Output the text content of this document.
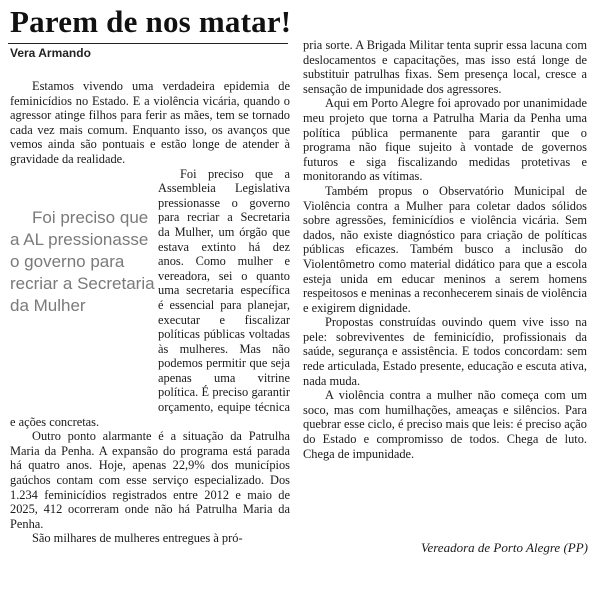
Parem de nos matar!
Vera Armando

Estamos vivendo uma verdadeira epidemia de feminicídios no Estado. E a violência vicária, quando o agressor atinge filhos para ferir as mães, tem se tornado cada vez mais comum. Enquanto isso, os avanços que vemos ainda são pontuais e estão longe de atender à gravidade da realidade.

Foi preciso que a AL pressionasse o governo para recriar a Secretaria da Mulher
Foi preciso que a Assembleia Legislativa pressionasse o governo para recriar a Secretaria da Mulher, um órgão que estava extinto há dez anos. Como mulher e vereadora, sei o quanto uma secretaria específica é essencial para planejar, executar e fiscalizar políticas públicas voltadas às mulheres. Mas não podemos permitir que seja apenas uma vitrine política. É preciso garantir orçamento, equipe técnica e ações concretas.

Outro ponto alarmante é a situação da Patrulha Maria da Penha. A expansão do programa está parada há quatro anos. Hoje, apenas 22,9% dos municípios gaúchos contam com esse serviço especializado. Dos 1.234 feminicídios registrados entre 2012 e maio de 2025, 412 ocorreram onde não há Patrulha Maria da Penha.

São milhares de mulheres entregues à pró-

pria sorte. A Brigada Militar tenta suprir essa lacuna com deslocamentos e capacitações, mas isso está longe de substituir patrulhas fixas. Sem presença local, cresce a sensação de impunidade dos agressores.

Aqui em Porto Alegre foi aprovado por unanimidade meu projeto que torna a Patrulha Maria da Penha uma política pública permanente para garantir que o programa não fique sujeito à vontade de governos futuros e siga fiscalizando medidas protetivas e monitorando as vítimas.

Também propus o Observatório Municipal de Violência contra a Mulher para coletar dados sólidos sobre agressões, feminicídios e violência vicária. Sem dados, não existe diagnóstico para criação de políticas públicas eficazes. Também busco a inclusão do Violentômetro como material didático para que a escola esteja unida em educar meninos a serem homens respeitosos e meninas a reconhecerem sinais de violência e exigirem dignidade.

Propostas construídas ouvindo quem vive isso na pele: sobreviventes de feminicídio, profissionais da saúde, segurança e assistência. E todos concordam: sem rede articulada, Estado presente, educação e escuta ativa, nada muda.

A violência contra a mulher não começa com um soco, mas com humilhações, ameaças e silêncios. Para quebrar esse ciclo, é preciso mais que leis: é preciso ação do Estado e compromisso de todos. Chega de luto. Chega de impunidade.

Vereadora de Porto Alegre (PP)
